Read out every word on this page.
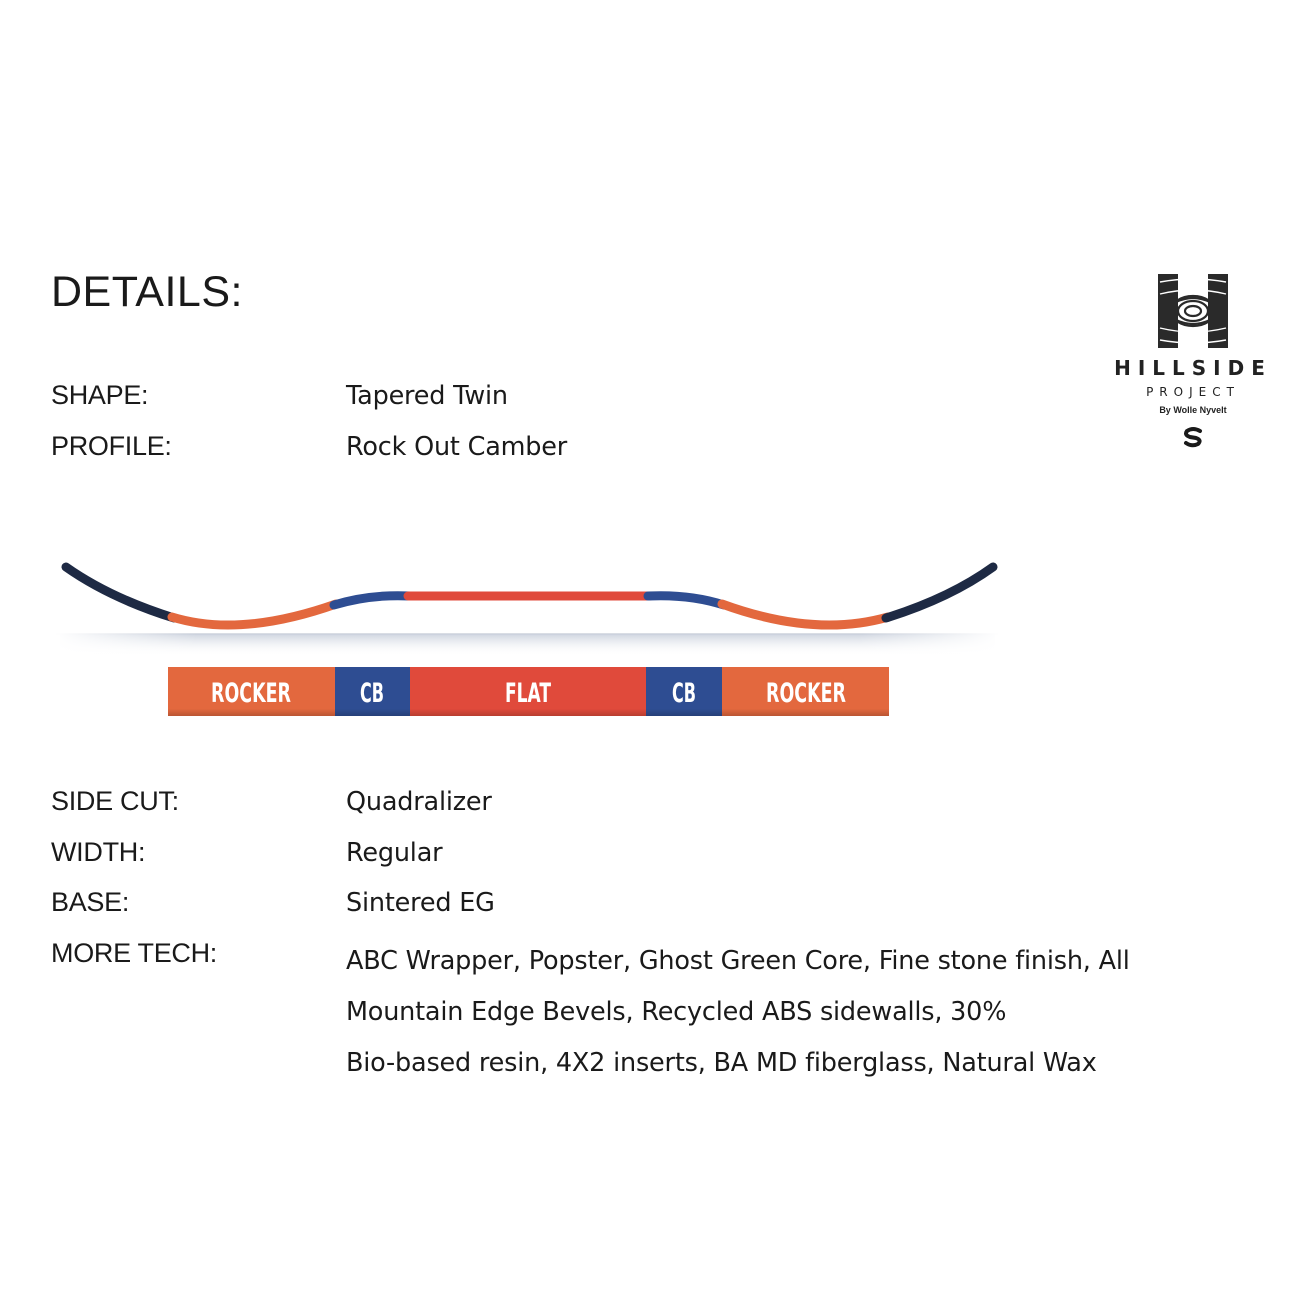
DETAILS:
SHAPE:	Tapered Twin
PROFILE:	Rock Out Camber
ROCKER	CB	FLAT	CB	ROCKER
SIDE CUT:	Quadralizer
WIDTH:	Regular
BASE:	Sintered EG
MORE TECH:	ABC Wrapper, Popster, Ghost Green Core, Fine stone finish, All
Mountain Edge Bevels, Recycled ABS sidewalls, 30%
Bio-based resin, 4X2 inserts, BA MD fiberglass, Natural Wax
HILLSIDE
PROJECT
By Wolle Nyvelt
